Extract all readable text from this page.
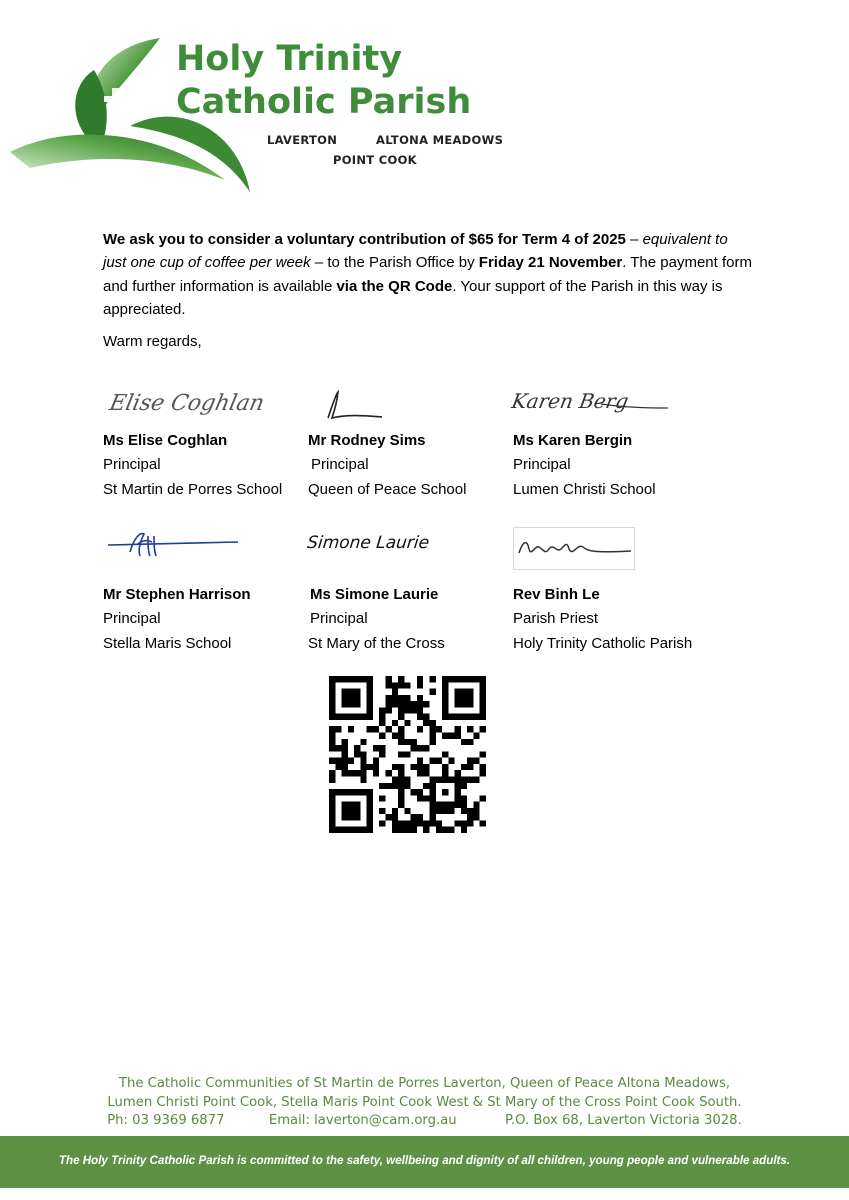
Holy Trinity
Catholic Parish
LAVERTON	ALTONA MEADOWS
POINT COOK

We ask you to consider a voluntary contribution of $65 for Term 4 of 2025 – equivalent to just one cup of coffee per week – to the Parish Office by Friday 21 November. The payment form and further information is available via the QR Code. Your support of the Parish in this way is appreciated.

Warm regards,

Elise Coghlan	Karen Berg
Ms Elise Coghlan
Principal
St Martin de Porres School
Mr Rodney Sims
Principal
Queen of Peace School
Ms Karen Bergin
Principal
Lumen Christi School
Simone Laurie
Mr Stephen Harrison
Principal
Stella Maris School
Ms Simone Laurie
Principal
St Mary of the Cross
Rev Binh Le
Parish Priest
Holy Trinity Catholic Parish
The Catholic Communities of St Martin de Porres Laverton, Queen of Peace Altona Meadows,
Lumen Christi Point Cook, Stella Maris Point Cook West & St Mary of the Cross Point Cook South.
Ph: 03 9369 6877	Email: laverton@cam.org.au	P.O. Box 68, Laverton Victoria 3028.
The Holy Trinity Catholic Parish is committed to the safety, wellbeing and dignity of all children, young people and vulnerable adults.
